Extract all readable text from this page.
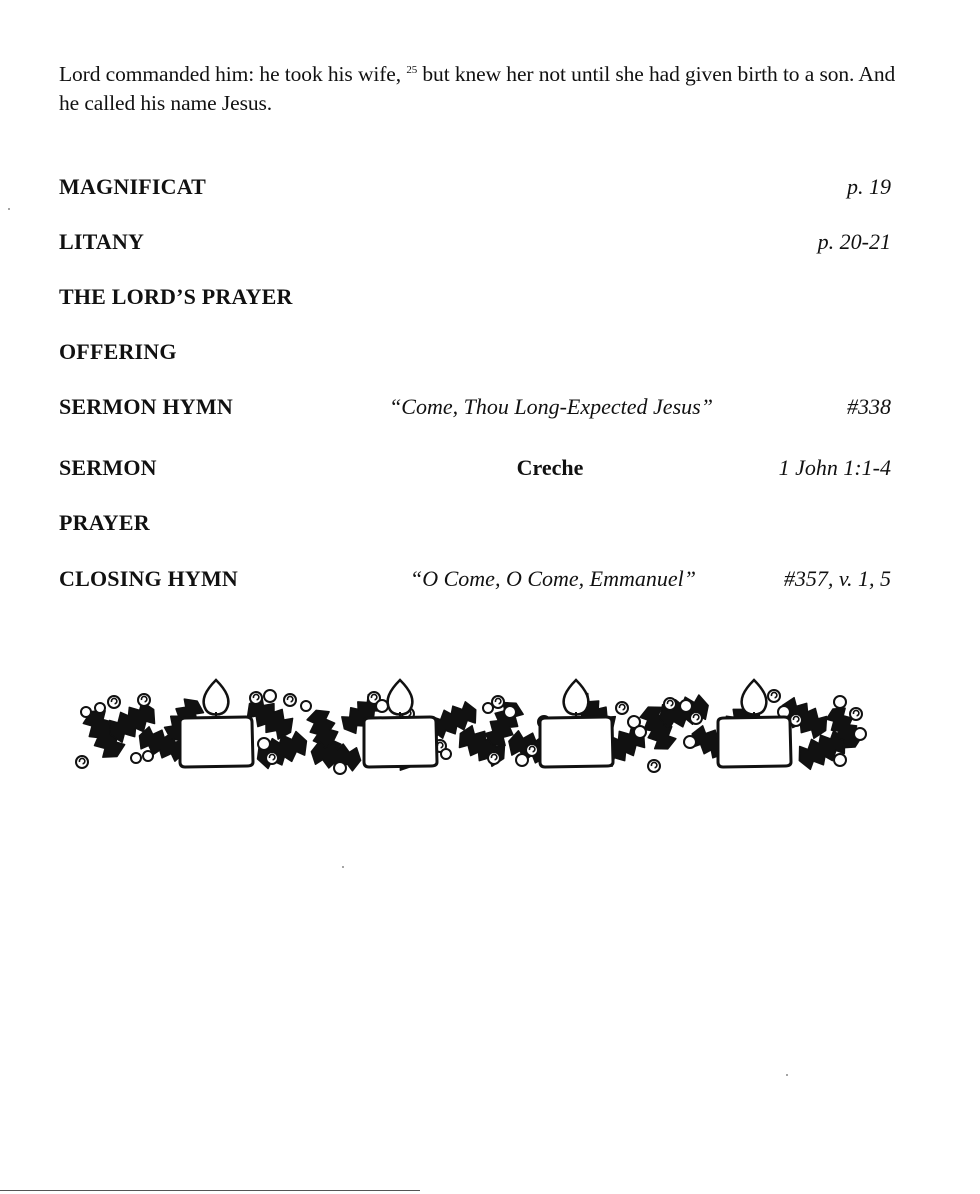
Lord commanded him: he took his wife, $^{25}$ but knew her not until she had given birth to a son. And he called his name Jesus.
MAGNIFICAT	p. 19
LITANY	p. 20-21
THE LORD’S PRAYER
OFFERING
SERMON HYMN	“Come, Thou Long-Expected Jesus”	#338
SERMON	Creche	1 John 1:1-4
PRAYER
CLOSING HYMN	“O Come, O Come, Emmanuel”	#357, v. 1, 5
